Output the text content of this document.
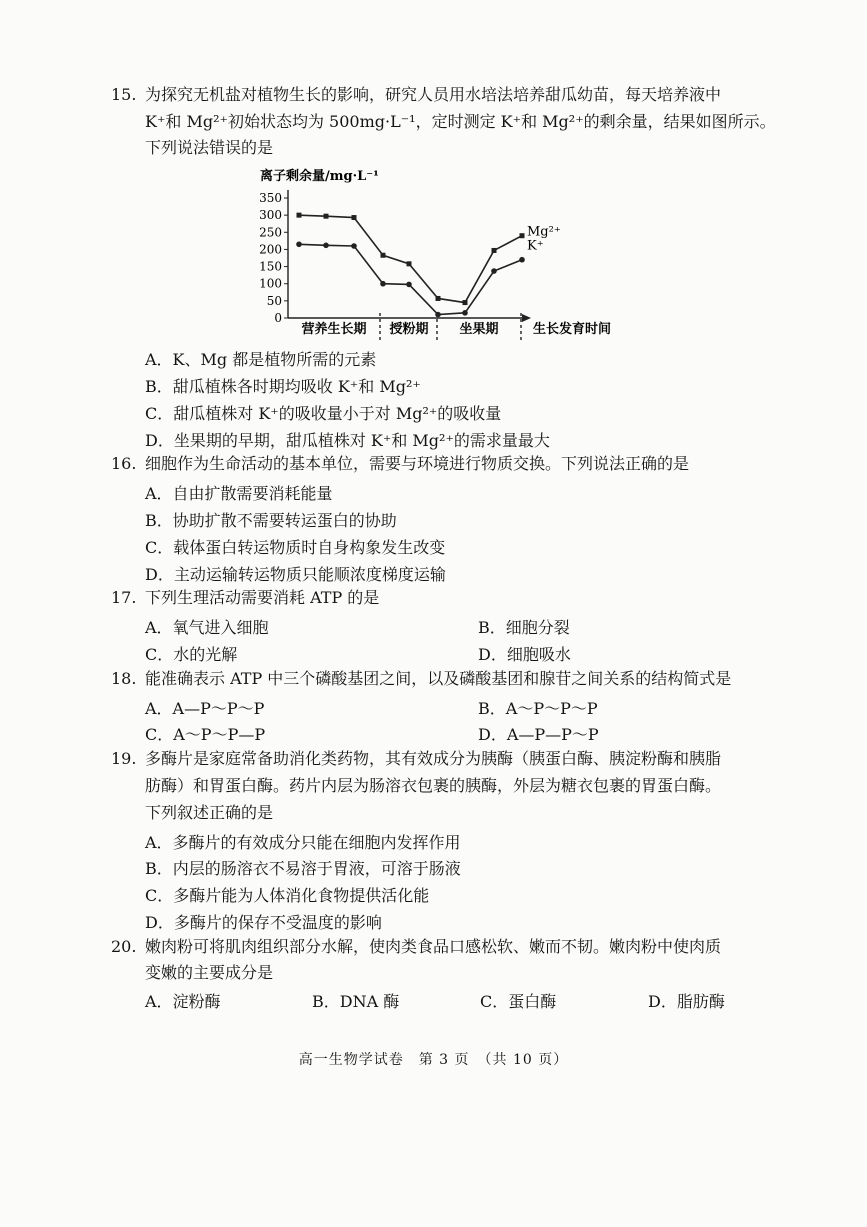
15. 为探究无机盐对植物生长的影响，研究人员用水培法培养甜瓜幼苗，每天培养液中
K⁺和 Mg²⁺初始状态均为 500mg·L⁻¹，定时测定 K⁺和 Mg²⁺的剩余量，结果如图所示。
下列说法错误的是
离子剩余量/mg·L⁻¹
0
50
100
150
200
250
300
350
营养生长期 授粉期 坐果期	生长发育时间
Mg²⁺
K⁺
A．K、Mg 都是植物所需的元素
B．甜瓜植株各时期均吸收 K⁺和 Mg²⁺
C．甜瓜植株对 K⁺的吸收量小于对 Mg²⁺的吸收量
D．坐果期的早期，甜瓜植株对 K⁺和 Mg²⁺的需求量最大
16. 细胞作为生命活动的基本单位，需要与环境进行物质交换。下列说法正确的是
A．自由扩散需要消耗能量
B．协助扩散不需要转运蛋白的协助
C．载体蛋白转运物质时自身构象发生改变
D．主动运输转运物质只能顺浓度梯度运输
17. 下列生理活动需要消耗 ATP 的是
A．氧气进入细胞	B．细胞分裂
C．水的光解	D．细胞吸水
18. 能准确表示 ATP 中三个磷酸基团之间，以及磷酸基团和腺苷之间关系的结构简式是
A．A—P～P～P	B．A～P～P～P
C．A～P～P—P	D．A—P—P～P
19. 多酶片是家庭常备助消化类药物，其有效成分为胰酶（胰蛋白酶、胰淀粉酶和胰脂
肪酶）和胃蛋白酶。药片内层为肠溶衣包裹的胰酶，外层为糖衣包裹的胃蛋白酶。
下列叙述正确的是
A．多酶片的有效成分只能在细胞内发挥作用
B．内层的肠溶衣不易溶于胃液，可溶于肠液
C．多酶片能为人体消化食物提供活化能
D．多酶片的保存不受温度的影响
20. 嫩肉粉可将肌肉组织部分水解，使肉类食品口感松软、嫩而不韧。嫩肉粉中使肉质
变嫩的主要成分是
A．淀粉酶	B．DNA 酶	C．蛋白酶	D．脂肪酶
高一生物学试卷　第 3 页　（共 10 页）
